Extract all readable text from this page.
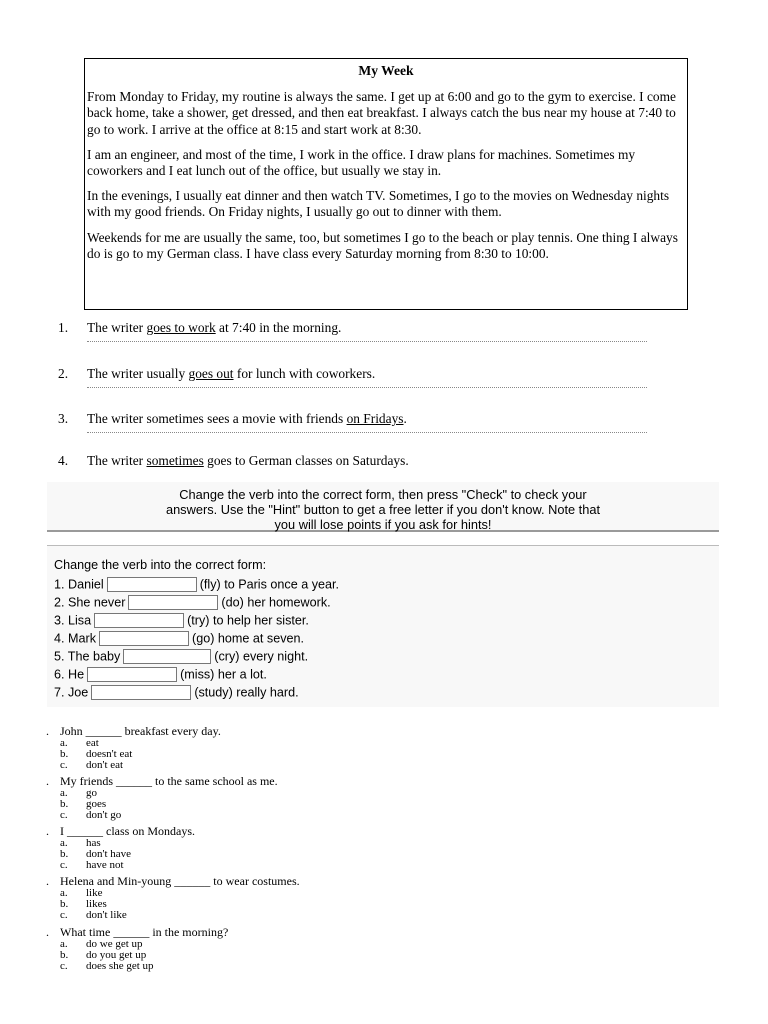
My Week

From Monday to Friday, my routine is always the same. I get up at 6:00 and go to the gym to exercise. I come back home, take a shower, get dressed, and then eat breakfast. I always catch the bus near my house at 7:40 to go to work. I arrive at the office at 8:15 and start work at 8:30.

I am an engineer, and most of the time, I work in the office. I draw plans for machines. Sometimes my coworkers and I eat lunch out of the office, but usually we stay in.

In the evenings, I usually eat dinner and then watch TV. Sometimes, I go to the movies on Wednesday nights with my good friends. On Friday nights, I usually go out to dinner with them.

Weekends for me are usually the same, too, but sometimes I go to the beach or play tennis. One thing I always do is go to my German class. I have class every Saturday morning from 8:30 to 10:00.

1.	The writer goes to work at 7:40 in the morning.
2.	The writer usually goes out for lunch with coworkers.
3.	The writer sometimes sees a movie with friends on Fridays.
4.	The writer sometimes goes to German classes on Saturdays.
Change the verb into the correct form, then press "Check" to check your
answers. Use the "Hint" button to get a free letter if you don't know. Note that
you will lose points if you ask for hints!
Change the verb into the correct form:
1. Daniel	(fly) to Paris once a year.
2. She never	(do) her homework.
3. Lisa	(try) to help her sister.
4. Mark	(go) home at seven.
5. The baby	(cry) every night.
6. He	(miss) her a lot.
7. Joe	(study) really hard.
. John ______ breakfast every day.
a. eat
b. doesn't eat
c. don't eat
. My friends ______ to the same school as me.
a. go
b. goes
c. don't go
. I ______ class on Mondays.
a. has
b. don't have
c. have not
. Helena and Min-young ______ to wear costumes.
a. like
b. likes
c. don't like
. What time ______ in the morning?
a. do we get up
b. do you get up
c. does she get up
